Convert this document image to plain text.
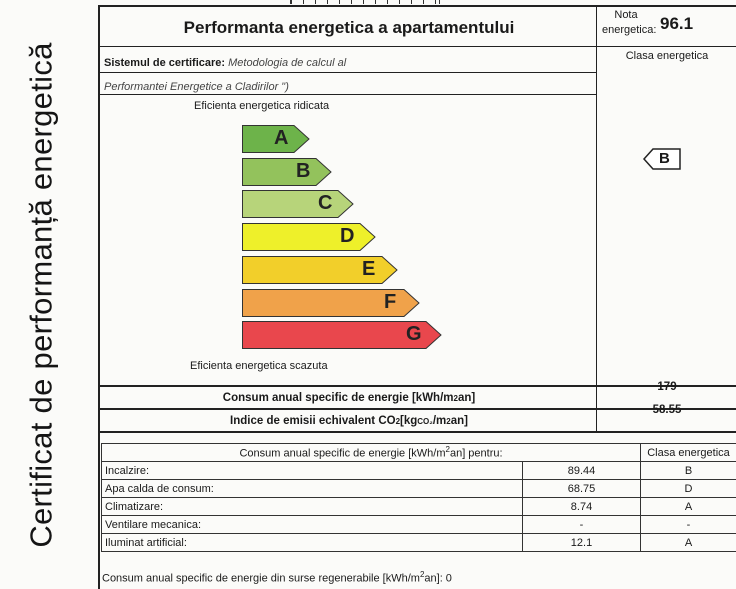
Certificat de performanță energetică
Performanta energetica a apartamentului
Nota energetica: 96.1
Sistemul de certificare: Metodologia de calcul al
Performantei Energetice a Cladirilor ")
Clasa energetica
B
Eficienta energetica ridicata
A
B
C
D
E
F
G
Eficienta energetica scazuta
Consum anual specific de energie [kWh/m 2 an]
179
Indice de emisii echivalent CO 2 [kg CO₂ /m 2 an]
58.55
Consum anual specific de energie $[kWh/m^2an]$ pentru:		Clasa energetica
Incalzire:	89.44	B
Apa calda de consum:	68.75	D
Climatizare:	8.74	A
Ventilare mecanica:	-	-
Iluminat artificial:	12.1	A
Consum anual specific de energie din surse regenerabile $[kWh/m^2an]$: 0
